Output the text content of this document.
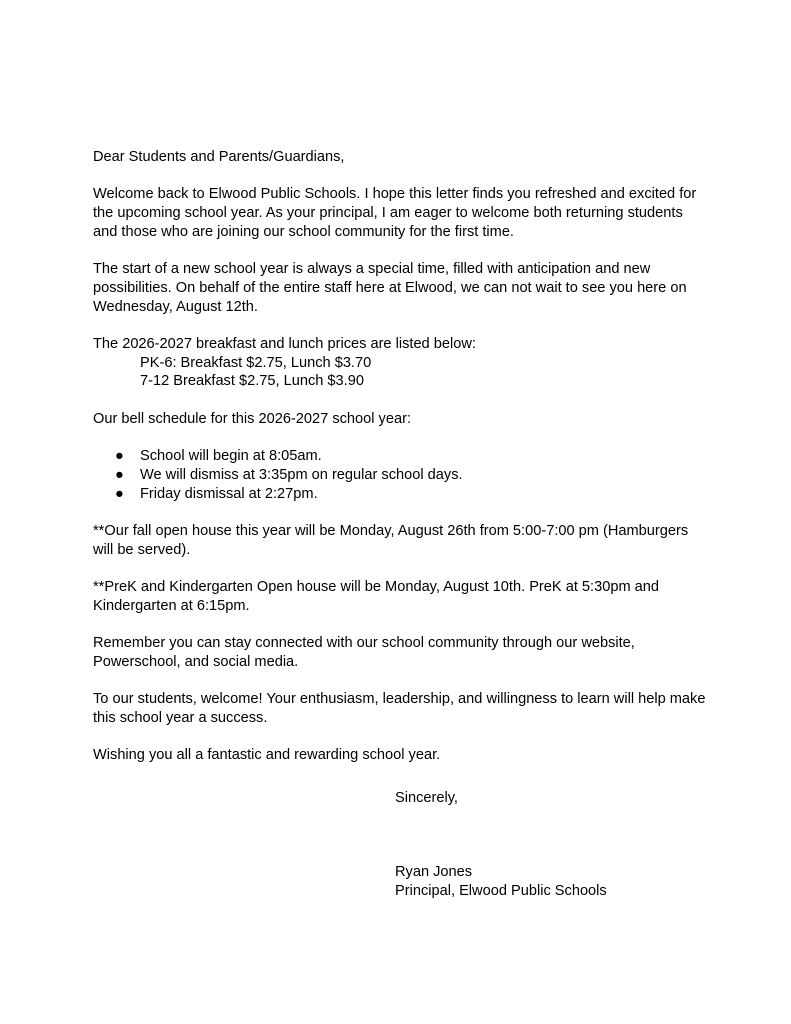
Dear Students and Parents/Guardians,

Welcome back to Elwood Public Schools. I hope this letter finds you refreshed and excited for the upcoming school year. As your principal, I am eager to welcome both returning students and those who are joining our school community for the first time.

The start of a new school year is always a special time, filled with anticipation and new possibilities. On behalf of the entire staff here at Elwood, we can not wait to see you here on Wednesday, August 12th.

The 2026-2027 breakfast and lunch prices are listed below:

PK-6: Breakfast $2.75, Lunch $3.70

7-12 Breakfast $2.75, Lunch $3.90

Our bell schedule for this 2026-2027 school year:

● School will begin at 8:05am.
● We will dismiss at 3:35pm on regular school days.
● Friday dismissal at 2:27pm.

**Our fall open house this year will be Monday, August 26th from 5:00-7:00 pm (Hamburgers will be served).

**PreK and Kindergarten Open house will be Monday, August 10th. PreK at 5:30pm and Kindergarten at 6:15pm.

Remember you can stay connected with our school community through our website, Powerschool, and social media.

To our students, welcome! Your enthusiasm, leadership, and willingness to learn will help make this school year a success.

Wishing you all a fantastic and rewarding school year.

Sincerely,
Ryan Jones
Principal, Elwood Public Schools
